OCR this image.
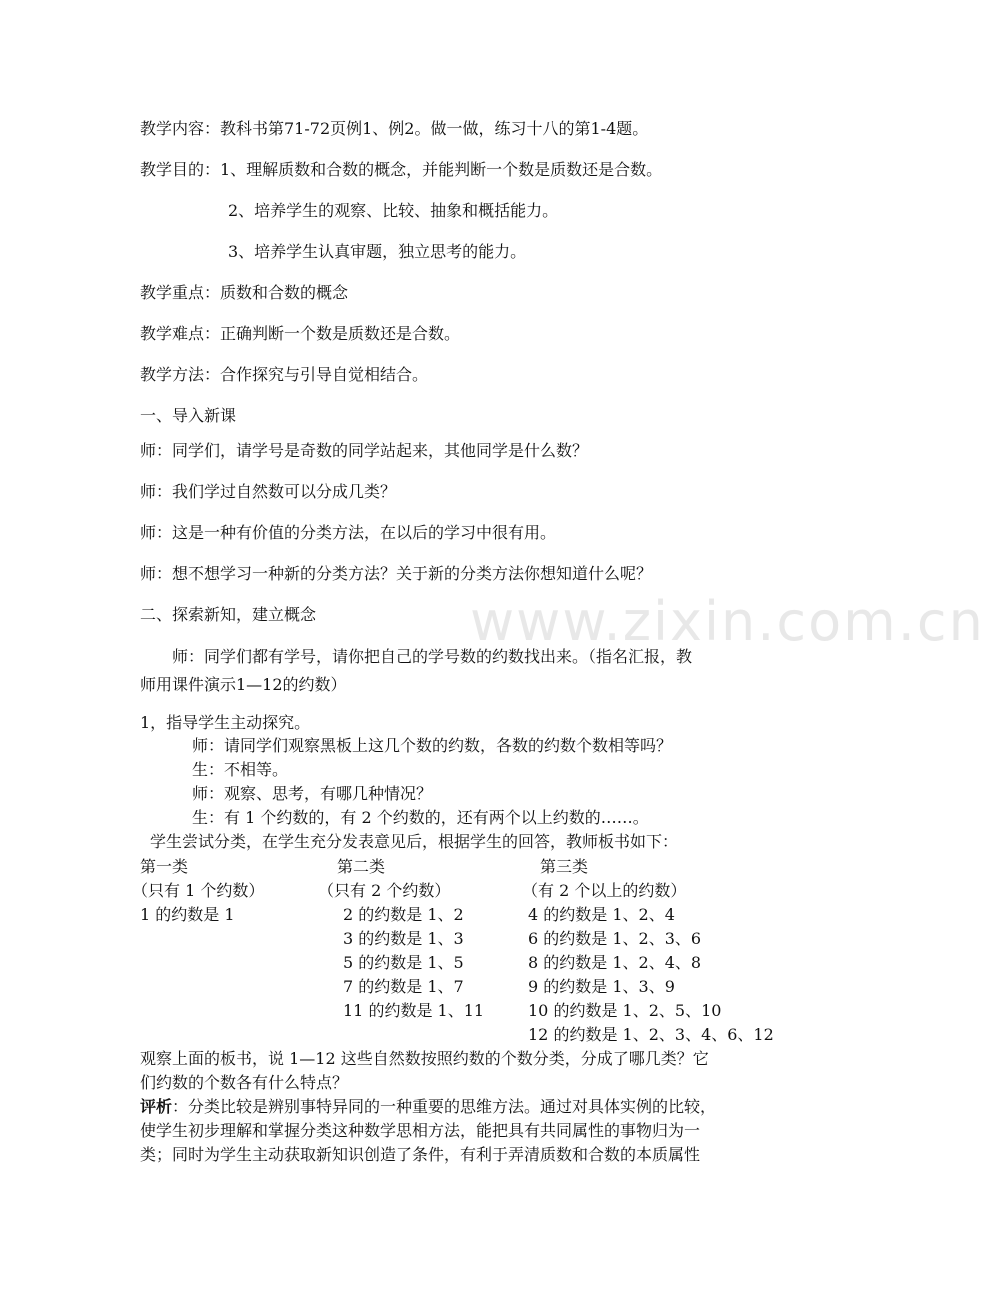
教学内容：教科书第71-72页例1、例2。做一做，练习十八的第1-4题。

教学目的：1、理解质数和合数的概念，并能判断一个数是质数还是合数。

2、培养学生的观察、比较、抽象和概括能力。

3、培养学生认真审题，独立思考的能力。

教学重点：质数和合数的概念

教学难点：正确判断一个数是质数还是合数。

教学方法：合作探究与引导自觉相结合。

一、导入新课

师：同学们，请学号是奇数的同学站起来，其他同学是什么数？

师：我们学过自然数可以分成几类？

师：这是一种有价值的分类方法，在以后的学习中很有用。

师：想不想学习一种新的分类方法？关于新的分类方法你想知道什么呢？

二、探索新知，建立概念

师：同学们都有学号，请你把自己的学号数的约数找出来。（指名汇报，教

师用课件演示1—12的约数）

1，指导学生主动探究。

师：请同学们观察黑板上这几个数的约数，各数的约数个数相等吗？

生：不相等。

师：观察、思考，有哪几种情况？

生：有 1 个约数的，有 2 个约数的，还有两个以上约数的……。

学生尝试分类，在学生充分发表意见后，根据学生的回答，教师板书如下：

第一类

（只有 1 个约数）

1 的约数是 1

第二类

（只有 2 个约数）

2 的约数是 1、2

3 的约数是 1、3

5 的约数是 1、5

7 的约数是 1、7

11 的约数是 1、11

第三类

（有 2 个以上的约数）

4 的约数是 1、2、4

6 的约数是 1、2、3、6

8 的约数是 1、2、4、8

9 的约数是 1、3、9

10 的约数是 1、2、5、10

12 的约数是 1、2、3、4、6、12

观察上面的板书，说 1—12 这些自然数按照约数的个数分类，分成了哪几类？它

们约数的个数各有什么特点？

评析：分类比较是辨别事特异同的一种重要的思维方法。通过对具体实例的比较，

使学生初步理解和掌握分类这种数学思相方法，能把具有共同属性的事物归为一

类；同时为学生主动获取新知识创造了条件，有利于弄清质数和合数的本质属性

www.zixin.com.cn
